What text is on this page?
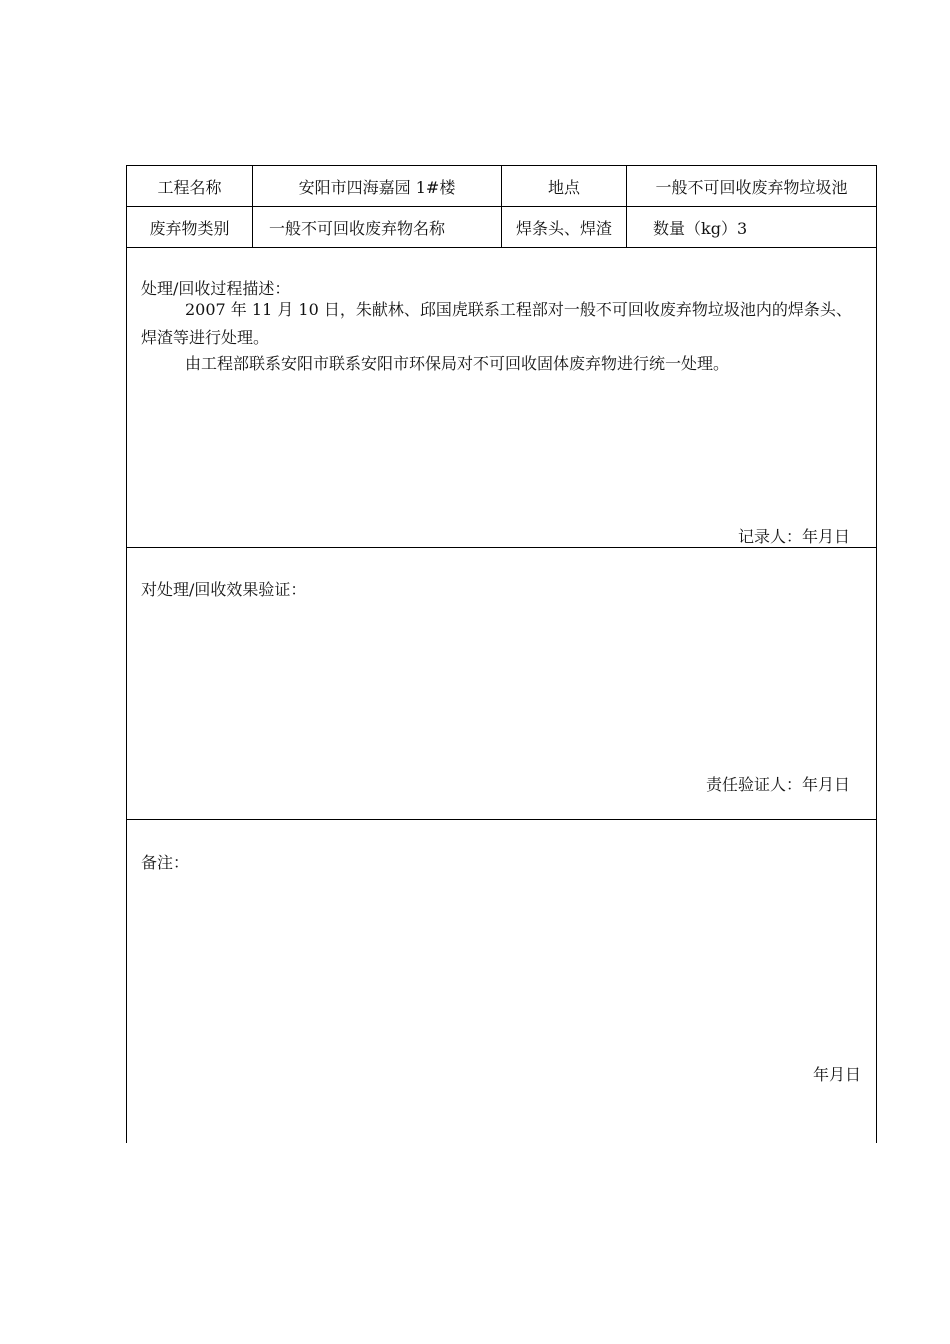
工程名称	安阳市四海嘉园 1#楼	地点	一般不可回收废弃物垃圾池
废弃物类别	一般不可回收废弃物名称	焊条头、焊渣	数量（kg）3
处理/回收过程描述：
2007 年 11 月 10 日，朱献林、邱国虎联系工程部对一般不可回收废弃物垃圾池内的焊条头、焊渣等进行处理。
由工程部联系安阳市联系安阳市环保局对不可回收固体废弃物进行统一处理。
记录人：年月日
对处理/回收效果验证：
责任验证人：年月日
备注：
年月日
